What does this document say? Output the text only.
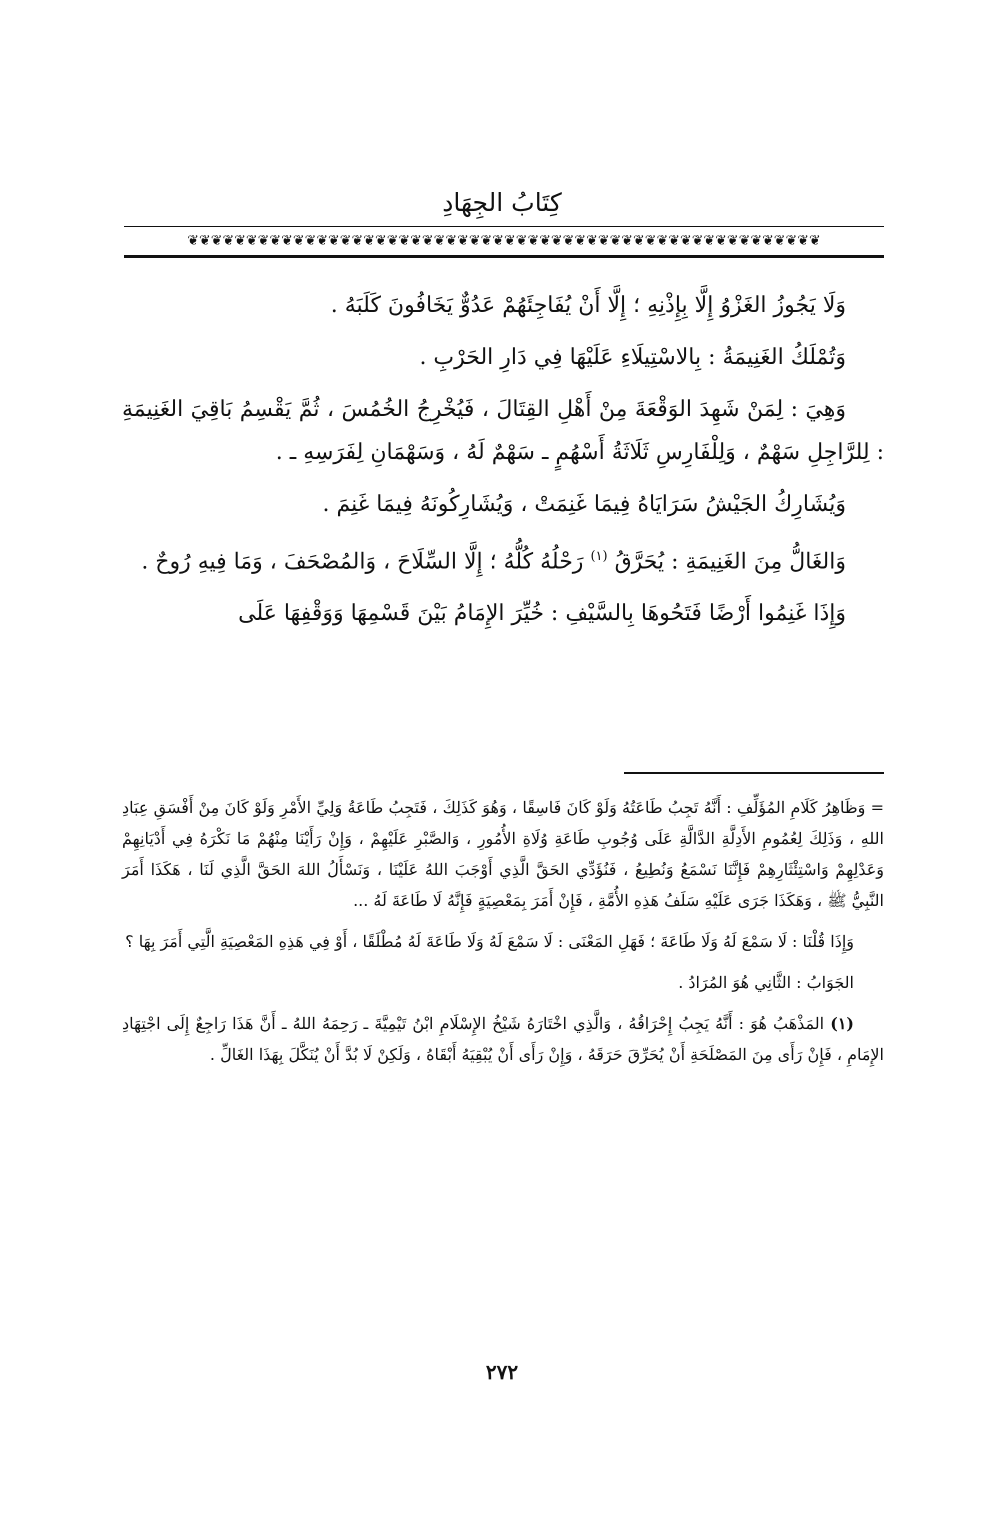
كِتَابُ الجِهَادِ
❦❦❦❦❦❦❦❦❦❦❦❦❦❦❦❦❦❦❦❦❦❦❦❦❦❦❦❦❦❦❦❦❦❦❦❦❦❦❦❦❦❦❦❦❦❦❦❦❦❦❦❦❦❦

وَلَا يَجُوزُ الغَزْوُ إِلَّا بِإِذْنِهِ ؛ إِلَّا أَنْ يُفَاجِئَهُمْ عَدُوٌّ يَخَافُونَ كَلَبَهُ .

وَتُمْلَكُ الغَنِيمَةُ : بِالاسْتِيلَاءِ عَلَيْهَا فِي دَارِ الحَرْبِ .

وَهِيَ : لِمَنْ شَهِدَ الوَقْعَةَ مِنْ أَهْلِ القِتَالَ ، فَيُخْرِجُ الخُمُسَ ، ثُمَّ يَقْسِمُ بَاقِيَ الغَنِيمَةِ : لِلرَّاجِلِ سَهْمٌ ، وَلِلْفَارِسِ ثَلَاثَةُ أَسْهُمٍ ـ سَهْمٌ لَهُ ، وَسَهْمَانِ لِفَرَسِهِ ـ .

وَيُشَارِكُ الجَيْشُ سَرَايَاهُ فِيمَا غَنِمَتْ ، وَيُشَارِكُونَهُ فِيمَا غَنِمَ .

وَالغَالُّ مِنَ الغَنِيمَةِ : يُحَرَّقُ $^{(١)}$ رَحْلُهُ كُلُّهُ ؛ إِلَّا السِّلَاحَ ، وَالمُصْحَفَ ، وَمَا فِيهِ رُوحٌ .

وَإِذَا غَنِمُوا أَرْضًا فَتَحُوهَا بِالسَّيْفِ : خُيِّرَ الإِمَامُ بَيْنَ قَسْمِهَا وَوَقْفِهَا عَلَى

= وَظَاهِرُ كَلَامِ المُؤَلِّفِ : أَنَّهُ تَجِبُ طَاعَتُهُ وَلَوْ كَانَ فَاسِقًا ، وَهُوَ كَذَلِكَ ، فَتَجِبُ طَاعَةُ وَلِيِّ الأَمْرِ وَلَوْ كَانَ مِنْ أَفْسَقِ عِبَادِ اللهِ ، وَذَلِكَ لِعُمُومِ الأَدِلَّةِ الدَّالَّةِ عَلَى وُجُوبِ طَاعَةِ وُلَاةِ الأُمُورِ ، وَالصَّبْرِ عَلَيْهِمْ ، وَإِنْ رَأَيْنَا مِنْهُمْ مَا نَكْرَهُ فِي أَدْيَانِهِمْ وَعَدْلِهِمْ وَاسْتِئْثَارِهِمْ فَإِنَّنَا نَسْمَعُ وَنُطِيعُ ، فَنُؤَدِّي الحَقَّ الَّذِي أَوْجَبَ اللهُ عَلَيْنَا ، وَنَسْأَلُ اللهَ الحَقَّ الَّذِي لَنَا ، هَكَذَا أَمَرَ النَّبِيُّ ﷺ ، وَهَكَذَا جَرَى عَلَيْهِ سَلَفُ هَذِهِ الأُمَّةِ ، فَإِنْ أَمَرَ بِمَعْصِيَةٍ فَإِنَّهُ لَا طَاعَةَ لَهُ ...

وَإِذَا قُلْنَا : لَا سَمْعَ لَهُ وَلَا طَاعَةَ ؛ فَهَلِ المَعْنَى : لَا سَمْعَ لَهُ وَلَا طَاعَةَ لَهُ مُطْلَقًا ، أَوْ فِي هَذِهِ المَعْصِيَةِ الَّتِي أَمَرَ بِهَا ؟

الجَوَابُ : الثَّانِي هُوَ المُرَادُ .

(١) المَذْهَبُ هُوَ : أَنَّهُ يَجِبُ إِحْرَاقُهُ ، وَالَّذِي اخْتَارَهُ شَيْخُ الإِسْلَامِ ابْنُ تَيْمِيَّةَ ـ رَحِمَهُ اللهُ ـ أَنَّ هَذَا رَاجِعٌ إِلَى اجْتِهَادِ الإِمَامِ ، فَإِنْ رَأَى مِنَ المَصْلَحَةِ أَنْ يُحَرِّقَ حَرَقَهُ ، وَإِنْ رَأَى أَنْ يُبْقِيَهُ أَبْقَاهُ ، وَلَكِنْ لَا بُدَّ أَنْ يُنَكَّلَ بِهَذَا الغَالِّ .

٢٧٢
